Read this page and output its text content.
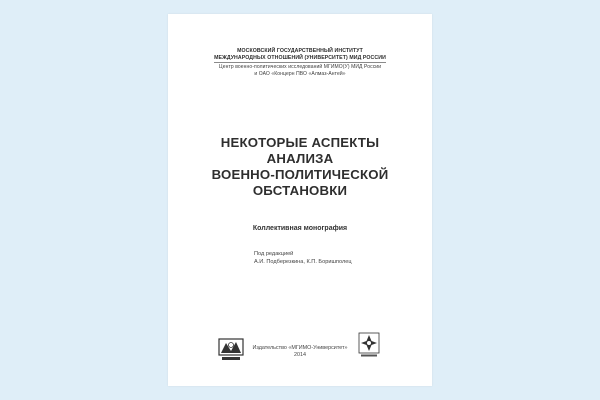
МОСКОВСКИЙ ГОСУДАРСТВЕННЫЙ ИНСТИТУТ
МЕЖДУНАРОДНЫХ ОТНОШЕНИЙ (УНИВЕРСИТЕТ) МИД РОССИИ
Центр военно-политических исследований МГИМО(У) МИД России
и ОАО «Концерн ПВО «Алмаз-Антей»
НЕКОТОРЫЕ АСПЕКТЫ
АНАЛИЗА
ВОЕННО-ПОЛИТИЧЕСКОЙ
ОБСТАНОВКИ
Коллективная монография
Под редакцией
А.И. Подберезкина, К.П. Боришполец
Издательство «МГИМО-Университет»
2014
